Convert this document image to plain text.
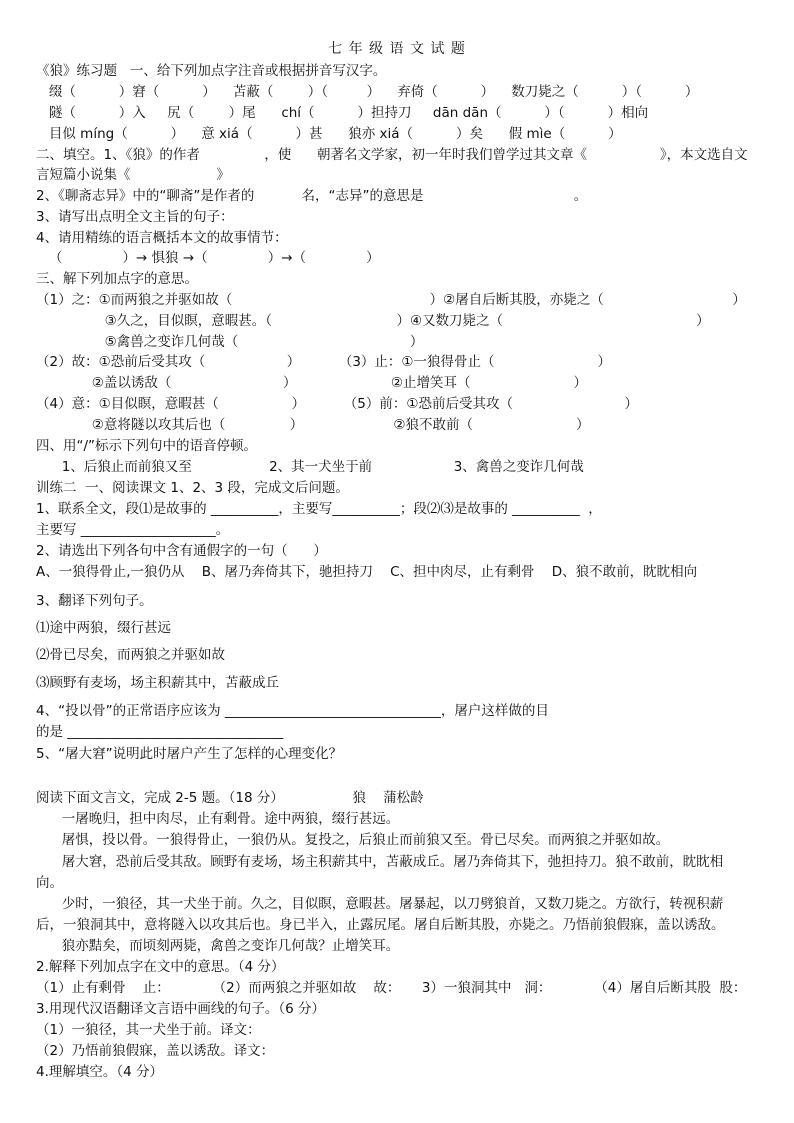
七 年 级 语 文 试 题
《狼》练习题   一、给下列加点字注音或根据拼音写汉字。
缀（          ）窘（          ）    苫蔽（        ）（         ）    弃倚（          ）    数刀毙之（          ）（          ）
隧（          ）入     尻（        ）尾      chí（          ）担持刀     dān dān（          ）（          ）相向
目似 míng（          ）    意 xiá（          ）甚      狼亦 xiá（          ）矣      假 mìe（          ）
二、填空。1、《狼》的作者               ，使      朝著名文学家，初一年时我们曾学过其文章《                 》，本文选自文
言短篇小说集《                    》
2、《聊斋志异》中的“聊斋”是作者的           名，“志异”的意思是                                   。
3、请写出点明全文主旨的句子：
4、请用精练的语言概括本文的故事情节：
（              ）→ 惧狼 →（              ）→（              ）
三、解下列加点字的意思。
（1）之：①而两狼之并驱如故（                                              ）②屠自后断其股，亦毙之（                              ）
③久之，目似瞑，意暇甚。（                             ）④又数刀毙之（                                             ）
⑤禽兽之变诈几何哉（                                        ）
（2）故：①恐前后受其攻（                   ）         （3）止：①一狼得骨止（                        ）
②盖以诱敌（                          ）                      ②止增笑耳（                        ）
（4）意：①目似瞑，意暇甚（                 ）         （5）前：①恐前后受其攻（                          ）
②意将隧以攻其后也（               ）                     ②狼不敢前（                        ）
四、用“/”标示下列句中的语音停顿。
1、后狼止而前狼又至                  2、其一犬坐于前                   3、禽兽之变诈几何哉
训练二  一、阅读课文 1、2、3 段，完成文后问题。
1、联系全文，段⑴是故事的 __________，主要写__________；段⑵⑶是故事的 __________  ，
主要写 ____________________。
2、请选出下列各句中含有通假字的一句（      ）
A、一狼得骨止,一狼仍从    B、屠乃奔倚其下，驰担持刀    C、担中肉尽，止有剩骨    D、狼不敢前，眈眈相向
3、翻译下列句子。
⑴途中两狼，缀行甚远
⑵骨已尽矣，而两狼之并驱如故
⑶顾野有麦场，场主积薪其中，苫蔽成丘
4、“投以骨”的正常语序应该为 ________________________________，屠户这样做的目
的是 ________________________________
5、“屠大窘”说明此时屠户产生了怎样的心理变化？
阅读下面文言文，完成 2-5 题。（18 分）                狼    蒲松龄
一屠晚归，担中肉尽，止有剩骨。途中两狼，缀行甚远。
屠惧，投以骨。一狼得骨止，一狼仍从。复投之，后狼止而前狼又至。骨已尽矣。而两狼之并驱如故。
屠大窘，恐前后受其敌。顾野有麦场，场主积薪其中，苫蔽成丘。屠乃奔倚其下，弛担持刀。狼不敢前，眈眈相
向。
少时，一狼径，其一犬坐于前。久之，目似瞑，意暇甚。屠暴起，以刀劈狼首，又数刀毙之。方欲行，转视积薪
后，一狼洞其中，意将隧入以攻其后也。身已半入，止露尻尾。屠自后断其股，亦毙之。乃悟前狼假寐，盖以诱敌。
狼亦黠矣，而顷刻两毙，禽兽之变诈几何哉？止增笑耳。
2.解释下列加点字在文中的意思。（4 分）
（1）止有剩骨    止：          （2）而两狼之并驱如故    故：     3）一狼洞其中   洞：          （4）屠自后断其股  股：
3.用现代汉语翻译文言语中画线的句子。（6 分）
（1）一狼径，其一犬坐于前。译文：
（2）乃悟前狼假寐，盖以诱敌。译文：
4.理解填空。（4 分）
